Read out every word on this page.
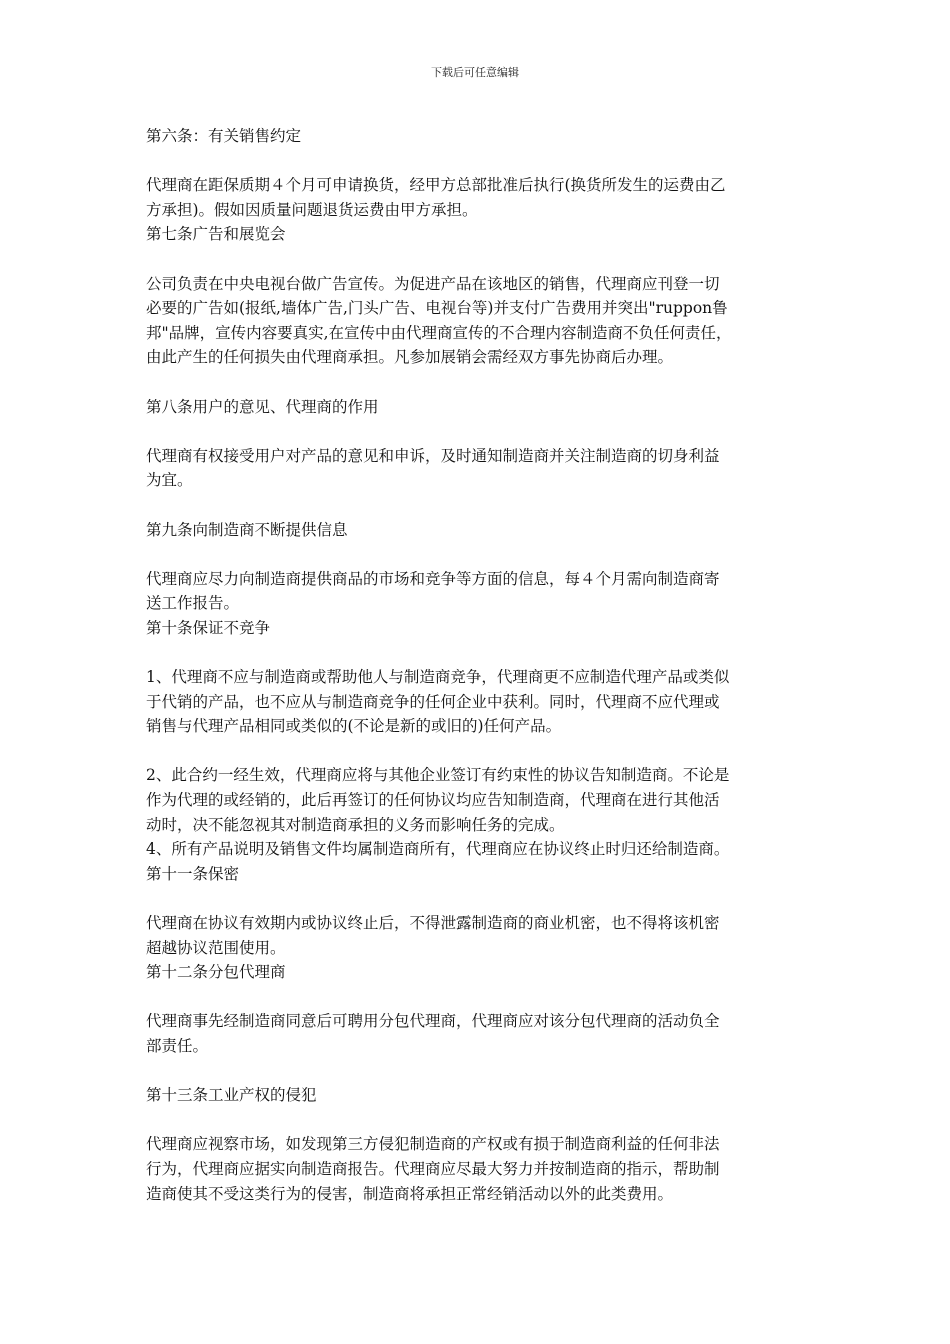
下载后可任意编辑
第六条：有关销售约定
代理商在距保质期４个月可申请换货，经甲方总部批准后执行(换货所发生的运费由乙
方承担)。假如因质量问题退货运费由甲方承担。
第七条广告和展览会
公司负责在中央电视台做广告宣传。为促进产品在该地区的销售，代理商应刊登一切
必要的广告如(报纸,墙体广告,门头广告、电视台等)并支付广告费用并突出"ruppon鲁
邦"品牌，宣传内容要真实,在宣传中由代理商宣传的不合理内容制造商不负任何责任，
由此产生的任何损失由代理商承担。凡参加展销会需经双方事先协商后办理。
第八条用户的意见、代理商的作用
代理商有权接受用户对产品的意见和申诉，及时通知制造商并关注制造商的切身利益
为宜。
第九条向制造商不断提供信息
代理商应尽力向制造商提供商品的市场和竞争等方面的信息，每４个月需向制造商寄
送工作报告。
第十条保证不竞争
1、代理商不应与制造商或帮助他人与制造商竞争，代理商更不应制造代理产品或类似
于代销的产品，也不应从与制造商竞争的任何企业中获利。同时，代理商不应代理或
销售与代理产品相同或类似的(不论是新的或旧的)任何产品。
2、此合约一经生效，代理商应将与其他企业签订有约束性的协议告知制造商。不论是
作为代理的或经销的，此后再签订的任何协议均应告知制造商，代理商在进行其他活
动时，决不能忽视其对制造商承担的义务而影响任务的完成。
4、所有产品说明及销售文件均属制造商所有，代理商应在协议终止时归还给制造商。
第十一条保密
代理商在协议有效期内或协议终止后，不得泄露制造商的商业机密，也不得将该机密
超越协议范围使用。
第十二条分包代理商
代理商事先经制造商同意后可聘用分包代理商，代理商应对该分包代理商的活动负全
部责任。
第十三条工业产权的侵犯
代理商应视察市场，如发现第三方侵犯制造商的产权或有损于制造商利益的任何非法
行为，代理商应据实向制造商报告。代理商应尽最大努力并按制造商的指示，帮助制
造商使其不受这类行为的侵害，制造商将承担正常经销活动以外的此类费用。
